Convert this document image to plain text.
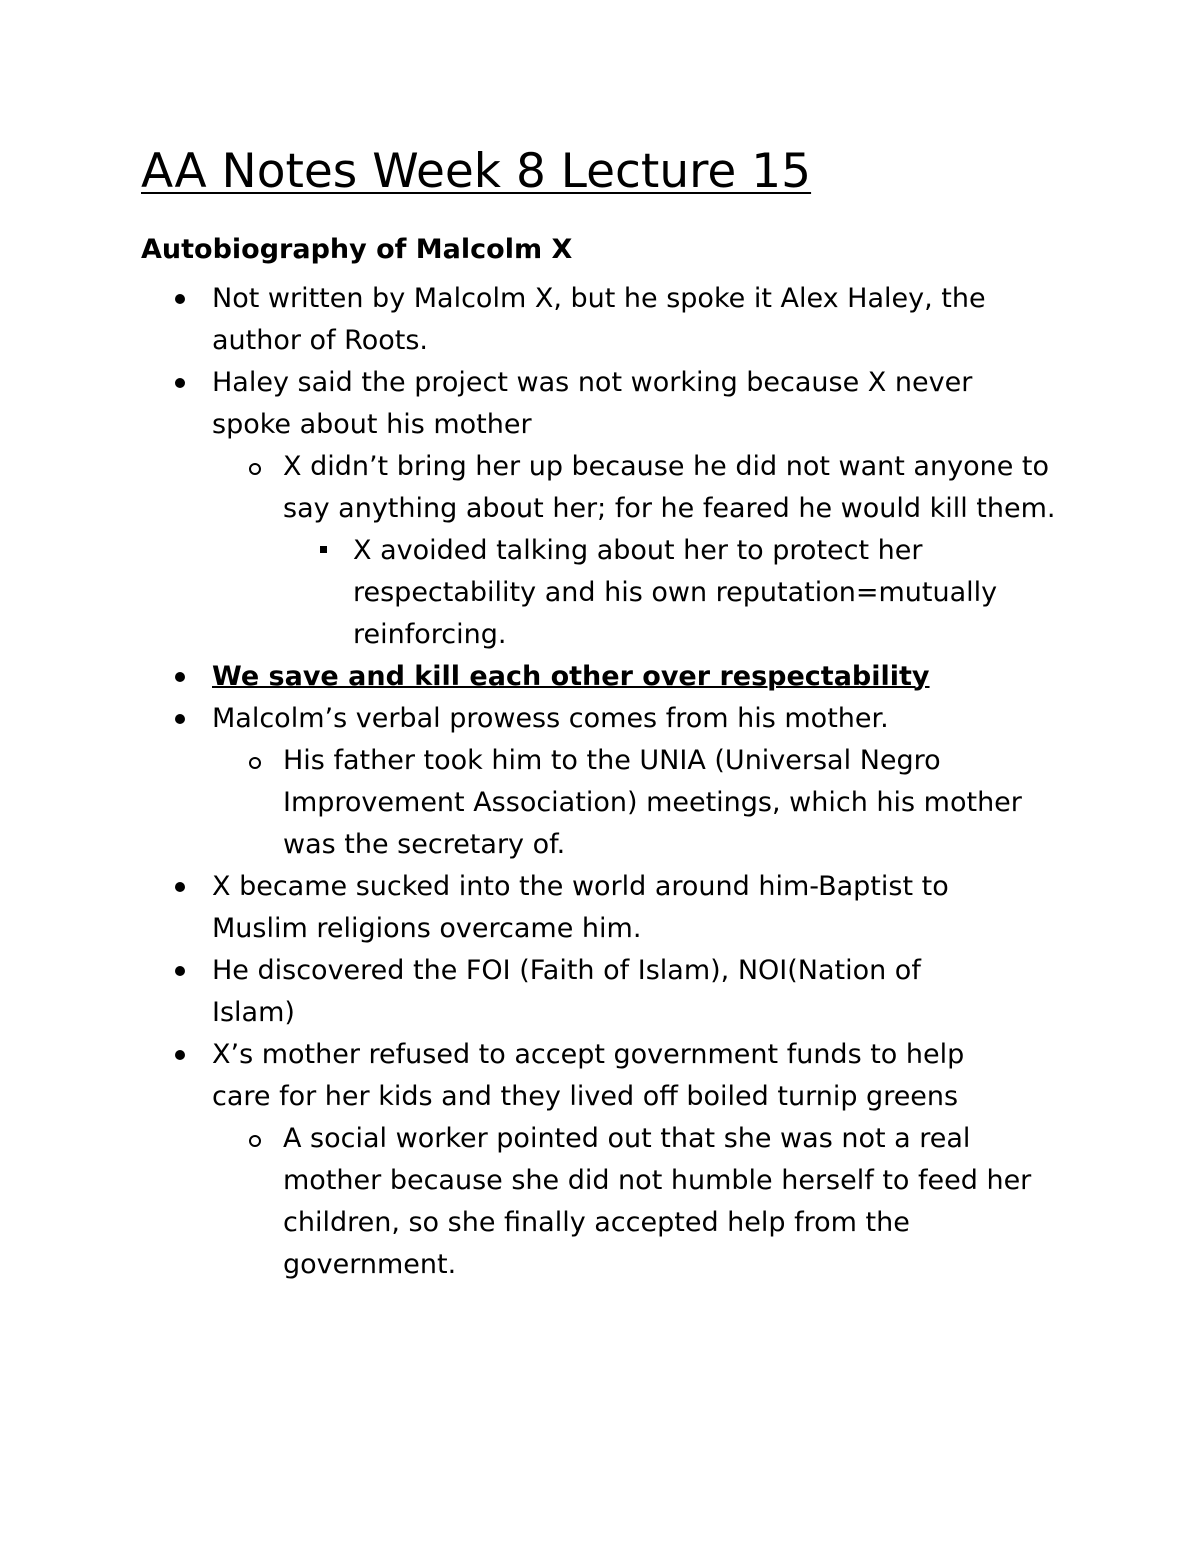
AA Notes Week 8 Lecture 15
Autobiography of Malcolm X
Not written by Malcolm X, but he spoke it Alex Haley, the author of Roots.
Haley said the project was not working because X never spoke about his mother
X didn’t bring her up because he did not want anyone to say anything about her; for he feared he would kill them.
X avoided talking about her to protect her respectability and his own reputation=mutually reinforcing.
We save and kill each other over respectability
Malcolm’s verbal prowess comes from his mother.
His father took him to the UNIA (Universal Negro Improvement Association) meetings, which his mother was the secretary of.
X became sucked into the world around him-Baptist to Muslim religions overcame him.
He discovered the FOI (Faith of Islam), NOI(Nation of Islam)
X’s mother refused to accept government funds to help care for her kids and they lived off boiled turnip greens
A social worker pointed out that she was not a real mother because she did not humble herself to feed her children, so she finally accepted help from the government.
